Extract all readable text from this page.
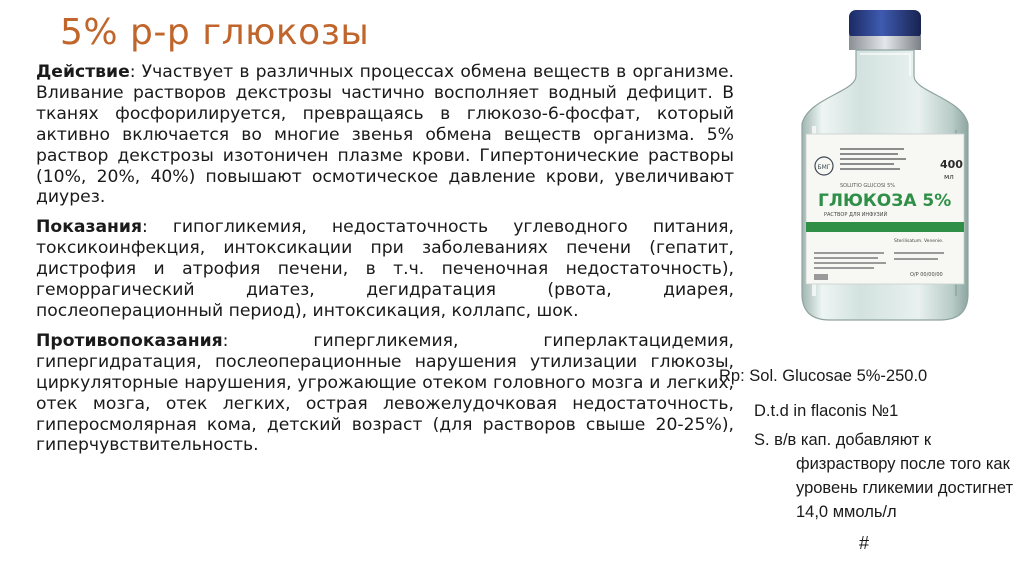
5% р-р глюкозы

Действие: Участвует в различных процессах обмена веществ в организме. Вливание растворов декстрозы частично восполняет водный дефицит. В тканях фосфорилируется, превращаясь в глюкозо-6-фосфат, который активно включается во многие звенья обмена веществ организма. 5% раствор декстрозы изотоничен плазме крови. Гипертонические растворы (10%, 20%, 40%) повышают осмотическое давление крови, увеличивают диурез.

Показания: гипогликемия, недостаточность углеводного питания, токсикоинфекция, интоксикации при заболеваниях печени (гепатит, дистрофия и атрофия печени, в т.ч. печеночная недостаточность), геморрагический диатез, дегидратация (рвота, диарея, послеоперационный период), интоксикация, коллапс, шок.

Противопоказания: гипергликемия, гиперлактацидемия, гипергидратация, послеоперационные нарушения утилизации глюкозы, циркуляторные нарушения, угрожающие отеком головного мозга и легких, отек мозга, отек легких, острая левожелудочковая недостаточность, гиперосмолярная кома, детский возраст (для растворов свыше 20-25%), гиперчувствительность.

БМГ	400
мл
SOLUTIO GLUCOSI 5%
ГЛЮКОЗА 5%
РАСТВОР ДЛЯ ИНФУЗИЙ
Sterilisatum. Venenie.
О/Р 00/00/00
Rp: Sol. Glucosae 5%-250.0
D.t.d in flaconis №1
S. в/в кап. добавляют к
физраствору после того как уровень гликемии достигнет 14,0 ммоль/л
#
